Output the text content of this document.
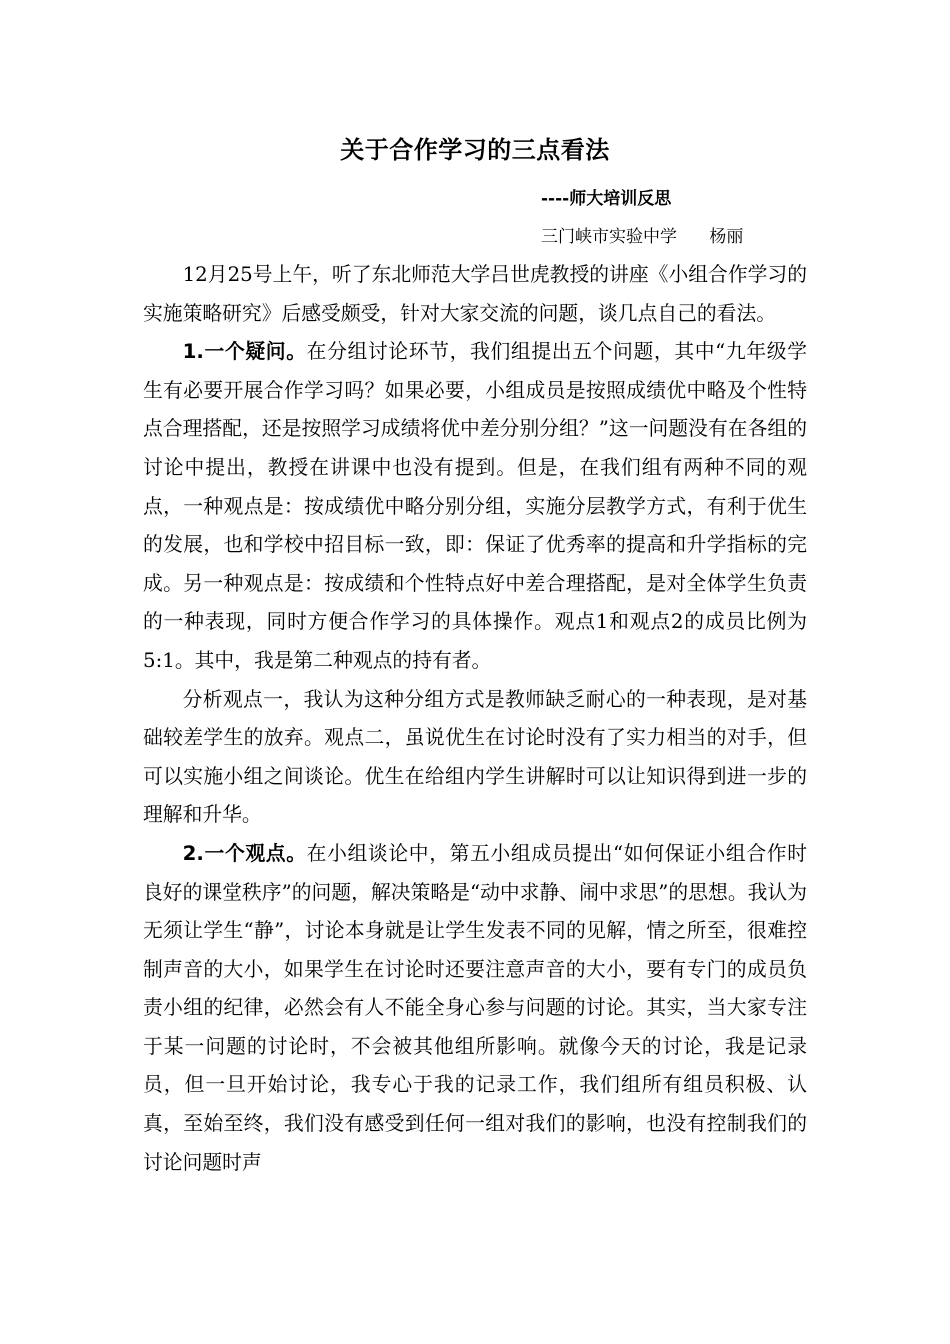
关于合作学习的三点看法
----师大培训反思
三门峡市实验中学      杨丽

12月25号上午，听了东北师范大学吕世虎教授的讲座《小组合作学习的实施策略研究》后感受颇受，针对大家交流的问题，谈几点自己的看法。

1.一个疑问。在分组讨论环节，我们组提出五个问题，其中“九年级学生有必要开展合作学习吗？如果必要，小组成员是按照成绩优中略及个性特点合理搭配，还是按照学习成绩将优中差分别分组？”这一问题没有在各组的讨论中提出，教授在讲课中也没有提到。但是，在我们组有两种不同的观点，一种观点是：按成绩优中略分别分组，实施分层教学方式，有利于优生的发展，也和学校中招目标一致，即：保证了优秀率的提高和升学指标的完成。另一种观点是：按成绩和个性特点好中差合理搭配，是对全体学生负责的一种表现，同时方便合作学习的具体操作。观点1和观点2的成员比例为5:1。其中，我是第二种观点的持有者。

分析观点一，我认为这种分组方式是教师缺乏耐心的一种表现，是对基础较差学生的放弃。观点二，虽说优生在讨论时没有了实力相当的对手，但可以实施小组之间谈论。优生在给组内学生讲解时可以让知识得到进一步的理解和升华。

2.一个观点。在小组谈论中，第五小组成员提出“如何保证小组合作时良好的课堂秩序”的问题，解决策略是“动中求静、闹中求思”的思想。我认为无须让学生“静”，讨论本身就是让学生发表不同的见解，情之所至，很难控制声音的大小，如果学生在讨论时还要注意声音的大小，要有专门的成员负责小组的纪律，必然会有人不能全身心参与问题的讨论。其实，当大家专注于某一问题的讨论时，不会被其他组所影响。就像今天的讨论，我是记录员，但一旦开始讨论，我专心于我的记录工作，我们组所有组员积极、认真，至始至终，我们没有感受到任何一组对我们的影响，也没有控制我们的讨论问题时声
